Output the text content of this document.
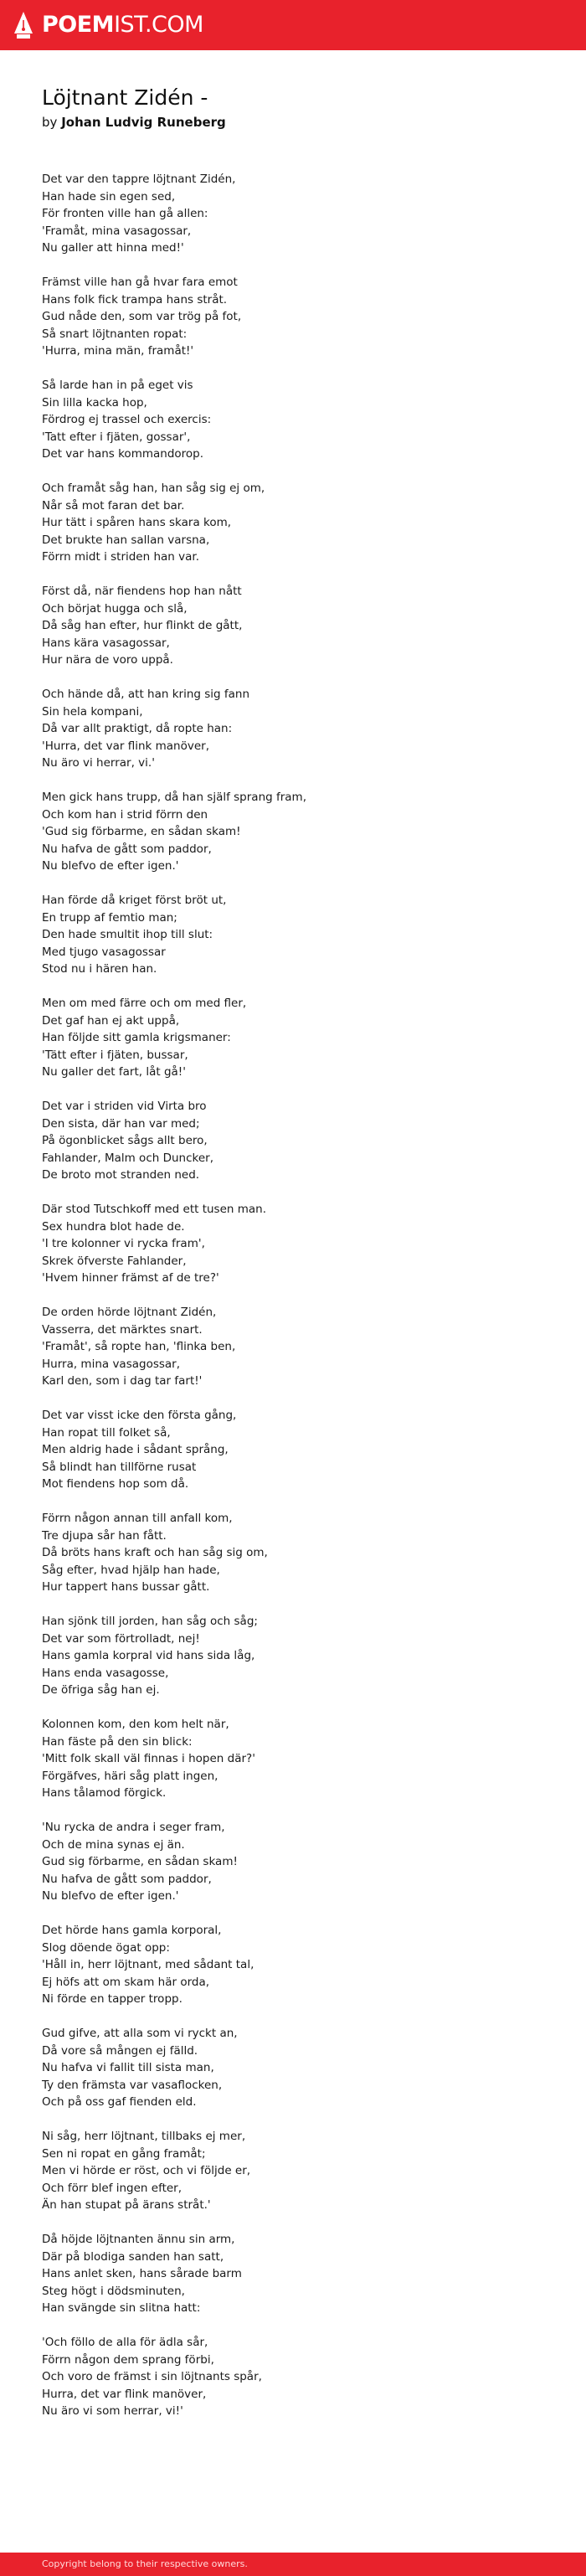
POEMIST.COM
Löjtnant Zidén -

by Johan Ludvig Runeberg

Det var den tappre löjtnant Zidén,
Han hade sin egen sed,
För fronten ville han gå allen:
'Framåt, mina vasagossar,
Nu galler att hinna med!'
Främst ville han gå hvar fara emot
Hans folk fick trampa hans stråt.
Gud nåde den, som var trög på fot,
Så snart löjtnanten ropat:
'Hurra, mina män, framåt!'
Så larde han in på eget vis
Sin lilla kacka hop,
Fördrog ej trassel och exercis:
'Tatt efter i fjäten, gossar',
Det var hans kommandorop.
Och framåt såg han, han såg sig ej om,
Når så mot faran det bar.
Hur tätt i spåren hans skara kom,
Det brukte han sallan varsna,
Förrn midt i striden han var.
Först då, när fiendens hop han nått
Och börjat hugga och slå,
Då såg han efter, hur flinkt de gått,
Hans kära vasagossar,
Hur nära de voro uppå.
Och hände då, att han kring sig fann
Sin hela kompani,
Då var allt praktigt, då ropte han:
'Hurra, det var flink manöver,
Nu äro vi herrar, vi.'
Men gick hans trupp, då han själf sprang fram,
Och kom han i strid förrn den
'Gud sig förbarme, en sådan skam!
Nu hafva de gått som paddor,
Nu blefvo de efter igen.'
Han förde då kriget först bröt ut,
En trupp af femtio man;
Den hade smultit ihop till slut:
Med tjugo vasagossar
Stod nu i hären han.
Men om med färre och om med fler,
Det gaf han ej akt uppå,
Han följde sitt gamla krigsmaner:
'Tätt efter i fjäten, bussar,
Nu galler det fart, låt gå!'
Det var i striden vid Virta bro
Den sista, där han var med;
På ögonblicket sågs allt bero,
Fahlander, Malm och Duncker,
De broto mot stranden ned.
Där stod Tutschkoff med ett tusen man.
Sex hundra blot hade de.
'I tre kolonner vi rycka fram',
Skrek öfverste Fahlander,
'Hvem hinner främst af de tre?'
De orden hörde löjtnant Zidén,
Vasserra, det märktes snart.
'Framåt', så ropte han, 'flinka ben,
Hurra, mina vasagossar,
Karl den, som i dag tar fart!'
Det var visst icke den första gång,
Han ropat till folket så,
Men aldrig hade i sådant språng,
Så blindt han tillförne rusat
Mot fiendens hop som då.
Förrn någon annan till anfall kom,
Tre djupa sår han fått.
Då bröts hans kraft och han såg sig om,
Såg efter, hvad hjälp han hade,
Hur tappert hans bussar gått.
Han sjönk till jorden, han såg och såg;
Det var som förtrolladt, nej!
Hans gamla korpral vid hans sida låg,
Hans enda vasagosse,
De öfriga såg han ej.
Kolonnen kom, den kom helt när,
Han fäste på den sin blick:
'Mitt folk skall väl finnas i hopen där?'
Förgäfves, häri såg platt ingen,
Hans tålamod förgick.
'Nu rycka de andra i seger fram,
Och de mina synas ej än.
Gud sig förbarme, en sådan skam!
Nu hafva de gått som paddor,
Nu blefvo de efter igen.'
Det hörde hans gamla korporal,
Slog döende ögat opp:
'Håll in, herr löjtnant, med sådant tal,
Ej höfs att om skam här orda,
Ni förde en tapper tropp.
Gud gifve, att alla som vi ryckt an,
Då vore så mången ej fälld.
Nu hafva vi fallit till sista man,
Ty den främsta var vasaflocken,
Och på oss gaf fienden eld.
Ni såg, herr löjtnant, tillbaks ej mer,
Sen ni ropat en gång framåt;
Men vi hörde er röst, och vi följde er,
Och förr blef ingen efter,
Än han stupat på ärans stråt.'
Då höjde löjtnanten ännu sin arm,
Där på blodiga sanden han satt,
Hans anlet sken, hans sårade barm
Steg högt i dödsminuten,
Han svängde sin slitna hatt:
'Och föllo de alla för ädla sår,
Förrn någon dem sprang förbi,
Och voro de främst i sin löjtnants spår,
Hurra, det var flink manöver,
Nu äro vi som herrar, vi!'
Copyright belong to their respective owners.
